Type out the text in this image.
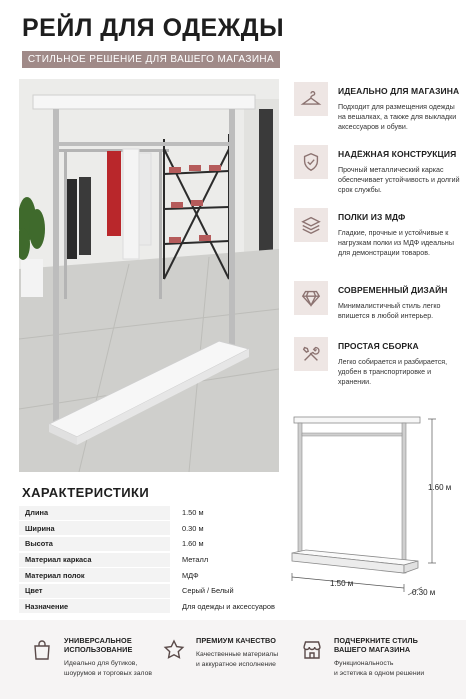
РЕЙЛ ДЛЯ ОДЕЖДЫ
СТИЛЬНОЕ РЕШЕНИЕ ДЛЯ ВАШЕГО МАГАЗИНА
ИДЕАЛЬНО ДЛЯ МАГАЗИНА
Подходит для размещения одежды на вешалках, а также для выкладки аксессуаров и обуви.
НАДЁЖНАЯ КОНСТРУКЦИЯ
Прочный металлический каркас обеспечивает устойчивость и долгий срок службы.
ПОЛКИ ИЗ МДФ
Гладкие, прочные и устойчивые к нагрузкам полки из МДФ идеальны для демонстрации товаров.
СОВРЕМЕННЫЙ ДИЗАЙН
Минималистичный стиль легко впишется в любой интерьер.
ПРОСТАЯ СБОРКА
Легко собирается и разбирается, удобен в транспортировке и хранении.
1.60 м
1.50 м
0.30 м
ХАРАКТЕРИСТИКИ
Длина	1.50 м
Ширина	0.30 м
Высота	1.60 м
Материал каркаса	Металл
Материал полок	МДФ
Цвет	Серый / Белый
Назначение	Для одежды и аксессуаров
УНИВЕРСАЛЬНОЕ
ИСПОЛЬЗОВАНИЕ
Идеально для бутиков,
шоурумов и торговых залов
ПРЕМИУМ КАЧЕСТВО
Качественные материалы
и аккуратное исполнение
ПОДЧЕРКНИТЕ СТИЛЬ
ВАШЕГО МАГАЗИНА
Функциональность
и эстетика в одном решении
